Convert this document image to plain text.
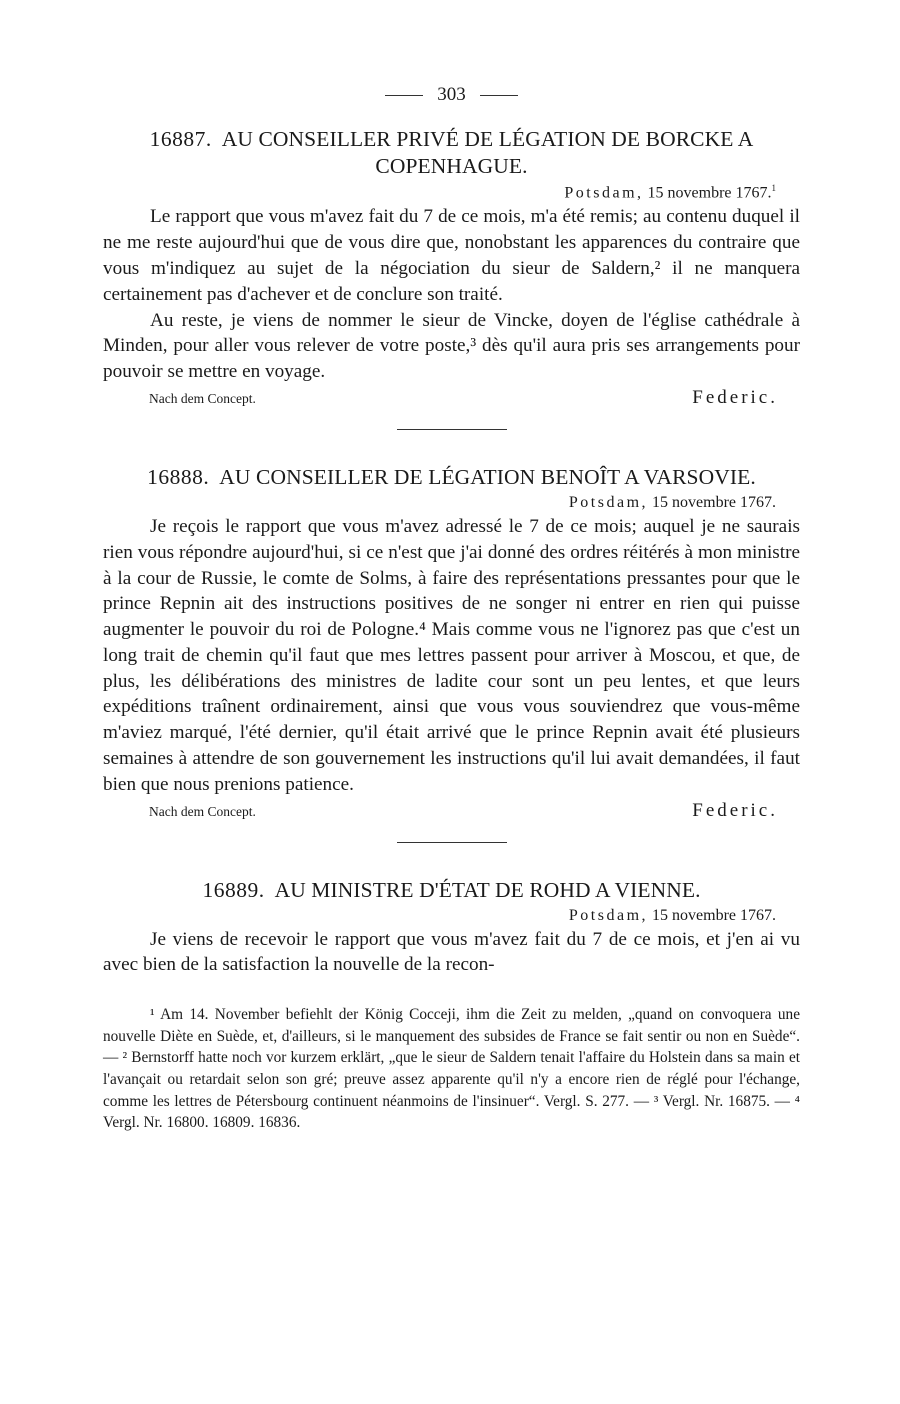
303
16887. AU CONSEILLER PRIVÉ DE LÉGATION DE BORCKE A COPENHAGUE.
Potsdam, 15 novembre 1767.$^1$

Le rapport que vous m'avez fait du 7 de ce mois, m'a été remis; au contenu duquel il ne me reste aujourd'hui que de vous dire que, nonobstant les apparences du contraire que vous m'indiquez au sujet de la négociation du sieur de Saldern,² il ne manquera certainement pas d'achever et de conclure son traité.

Au reste, je viens de nommer le sieur de Vincke, doyen de l'église cathédrale à Minden, pour aller vous relever de votre poste,³ dès qu'il aura pris ses arrangements pour pouvoir se mettre en voyage.

Nach dem Concept.	Federic.
16888. AU CONSEILLER DE LÉGATION BENOÎT A VARSOVIE.
Potsdam, 15 novembre 1767.

Je reçois le rapport que vous m'avez adressé le 7 de ce mois; auquel je ne saurais rien vous répondre aujourd'hui, si ce n'est que j'ai donné des ordres réitérés à mon ministre à la cour de Russie, le comte de Solms, à faire des représentations pressantes pour que le prince Repnin ait des instructions positives de ne songer ni entrer en rien qui puisse augmenter le pouvoir du roi de Pologne.⁴ Mais comme vous ne l'ignorez pas que c'est un long trait de chemin qu'il faut que mes lettres passent pour arriver à Moscou, et que, de plus, les délibérations des ministres de ladite cour sont un peu lentes, et que leurs expéditions traînent ordinairement, ainsi que vous vous souviendrez que vous-même m'aviez marqué, l'été dernier, qu'il était arrivé que le prince Repnin avait été plusieurs semaines à attendre de son gouvernement les instructions qu'il lui avait demandées, il faut bien que nous prenions patience.

Nach dem Concept.	Federic.
16889. AU MINISTRE D'ÉTAT DE ROHD A VIENNE.
Potsdam, 15 novembre 1767.

Je viens de recevoir le rapport que vous m'avez fait du 7 de ce mois, et j'en ai vu avec bien de la satisfaction la nouvelle de la recon-

¹ Am 14. November befiehlt der König Cocceji, ihm die Zeit zu melden, „quand on convoquera une nouvelle Diète en Suède, et, d'ailleurs, si le manquement des subsides de France se fait sentir ou non en Suède“. — ² Bernstorff hatte noch vor kurzem erklärt, „que le sieur de Saldern tenait l'affaire du Holstein dans sa main et l'avançait ou retardait selon son gré; preuve assez apparente qu'il n'y a encore rien de réglé pour l'échange, comme les lettres de Pétersbourg continuent néanmoins de l'insinuer“. Vergl. S. 277. — ³ Vergl. Nr. 16875. — ⁴ Vergl. Nr. 16800. 16809. 16836.
